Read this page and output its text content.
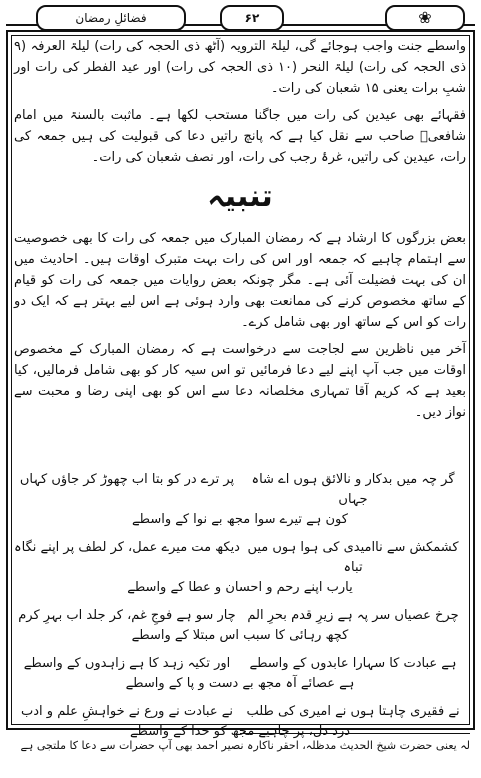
فضائلِ رمضان	۶۲	❀

واسطے جنت واجب ہوجائے گی، لیلۃ الترویہ (آٹھ ذی الحجہ کی رات) لیلۃ العرفہ (۹ ذی الحجہ کی رات) لیلۃ النحر (۱۰ ذی الحجہ کی رات) اور عید الفطر کی رات اور شبِ برات یعنی ۱۵ شعبان کی رات۔

فقہائے بھی عیدین کی رات میں جاگنا مستحب لکھا ہے۔ ماثبت بالسنۃ میں امام شافعیؒ صاحب سے نقل کیا ہے کہ پانچ راتیں دعا کی قبولیت کی ہیں جمعہ کی رات، عیدین کی راتیں، غرۂ رجب کی رات، اور نصف شعبان کی رات۔

تنبیہ

بعض بزرگوں کا ارشاد ہے کہ رمضان المبارک میں جمعہ کی رات کا بھی خصوصیت سے اہتمام چاہیے کہ جمعہ اور اس کی رات بہت متبرک اوقات ہیں۔ احادیث میں ان کی بہت فضیلت آئی ہے۔ مگر چونکہ بعض روایات میں جمعہ کی رات کو قیام کے ساتھ مخصوص کرنے کی ممانعت بھی وارد ہوئی ہے اس لیے بہتر ہے کہ ایک دو رات کو اس کے ساتھ اور بھی شامل کرے۔

آخر میں ناظرین سے لجاجت سے درخواست ہے کہ رمضان المبارک کے مخصوص اوقات میں جب آپ اپنے لیے دعا فرمائیں تو اس سیہ کار کو بھی شامل فرمالیں، کیا بعید ہے کہ کریم آقا تمہاری مخلصانہ دعا سے اس کو بھی اپنی رضا و محبت سے نواز دیں۔

گر چہ میں بدکار و نالائق ہوں اے شاہ جہاں
پر ترے در کو بتا اب چھوڑ کر جاؤں کہاں
کون ہے تیرے سوا مجھ بے نوا کے واسطے
کشمکش سے ناامیدی کی ہوا ہوں میں تباہ
دیکھ مت میرے عمل، کر لطف پر اپنے نگاہ
یارب اپنے رحم و احسان و عطا کے واسطے
چرخ عصیاں سر پہ ہے زیرِ قدم بحرِ الم
چار سو ہے فوجِ غم، کر جلد اب بہرِ کرم
کچھ رہائی کا سبب اس مبتلا کے واسطے
ہے عبادت کا سہارا عابدوں کے واسطے
اور تکیہ زہد کا ہے زاہدوں کے واسطے
ہے عصائے آہ مجھ بے دست و پا کے واسطے
نے فقیری چاہتا ہوں نے امیری کی طلب
نے عبادت نے ورع نے خواہشِ علم و ادب
درد دل، پر چاہیے مجھ کو خدا کے واسطے
لہ یعنی حضرت شیخ الحدیث مدظلہ، احقر ناکارہ نصیر احمد بھی آپ حضرات سے دعا کا ملتجی ہے
